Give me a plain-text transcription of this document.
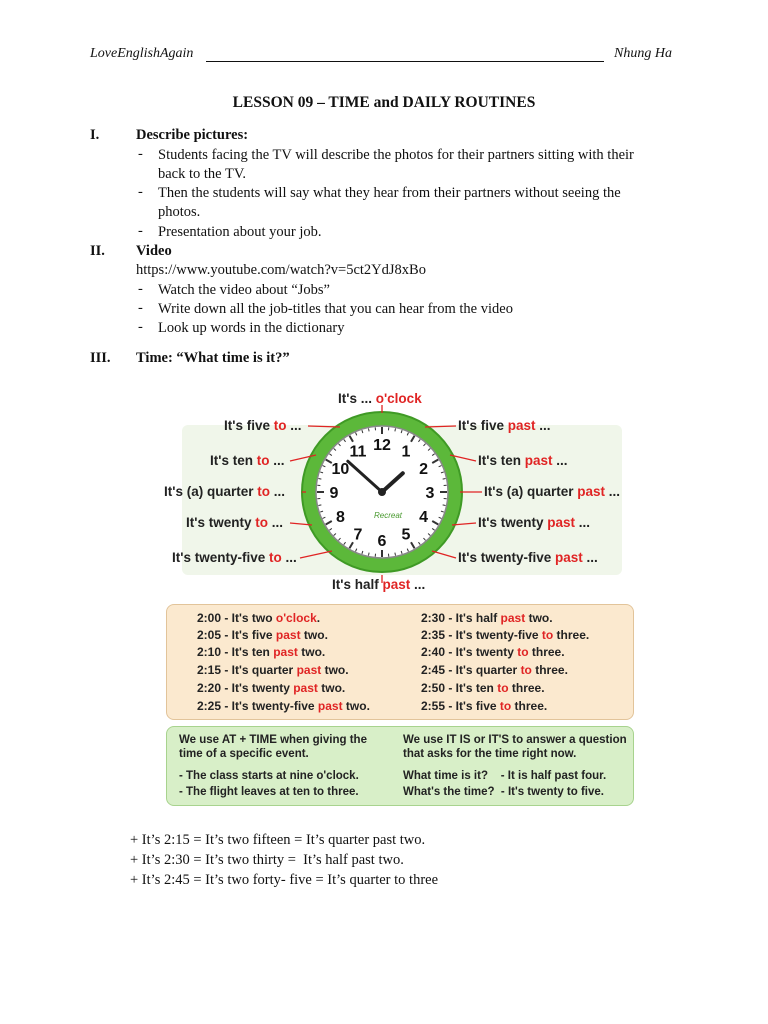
LoveEnglishAgain	Nhung Ha
LESSON 09 – TIME and DAILY ROUTINES
I.	Describe pictures:
- Students facing the TV will describe the photos for their partners sitting with their back to the TV.
- Then the students will say what they hear from their partners without seeing the photos.
- Presentation about your job.
II. Video
https://www.youtube.com/watch?v=5ct2YdJ8xBo
- Watch the video about “Jobs”
- Write down all the job-titles that you can hear from the video
- Look up words in the dictionary
III. Time: “What time is it?”
12 1
2
3
4
5
6
7
8
9
10
11
Recreat
It's ... o'clock
It's five past ...
It's ten past ...
It's (a) quarter past ...
It's twenty past ...
It's twenty-five past ...
It's five to ...
It's ten to ...
It's (a) quarter to ...
It's twenty to ...
It's twenty-five to ...
It's half past ...
2:00 - It's two o'clock.
2:05 - It's five past two.
2:10 - It's ten past two.
2:15 - It's quarter past two.
2:20 - It's twenty past two.
2:25 - It's twenty-five past two.
2:30 - It's half past two.
2:35 - It's twenty-five to three.
2:40 - It's twenty to three.
2:45 - It's quarter to three.
2:50 - It's ten to three.
2:55 - It's five to three.
We use AT + TIME when giving the
time of a specific event.
- The class starts at nine o'clock.
- The flight leaves at ten to three.
We use IT IS or IT'S to answer a question
that asks for the time right now.
What time is it?    - It is half past four.
What's the time?  - It's twenty to five.
+ It’s 2:15 = It’s two fifteen = It’s quarter past two.
+ It’s 2:30 = It’s two thirty =  It’s half past two.
+ It’s 2:45 = It’s two forty- five = It’s quarter to three
